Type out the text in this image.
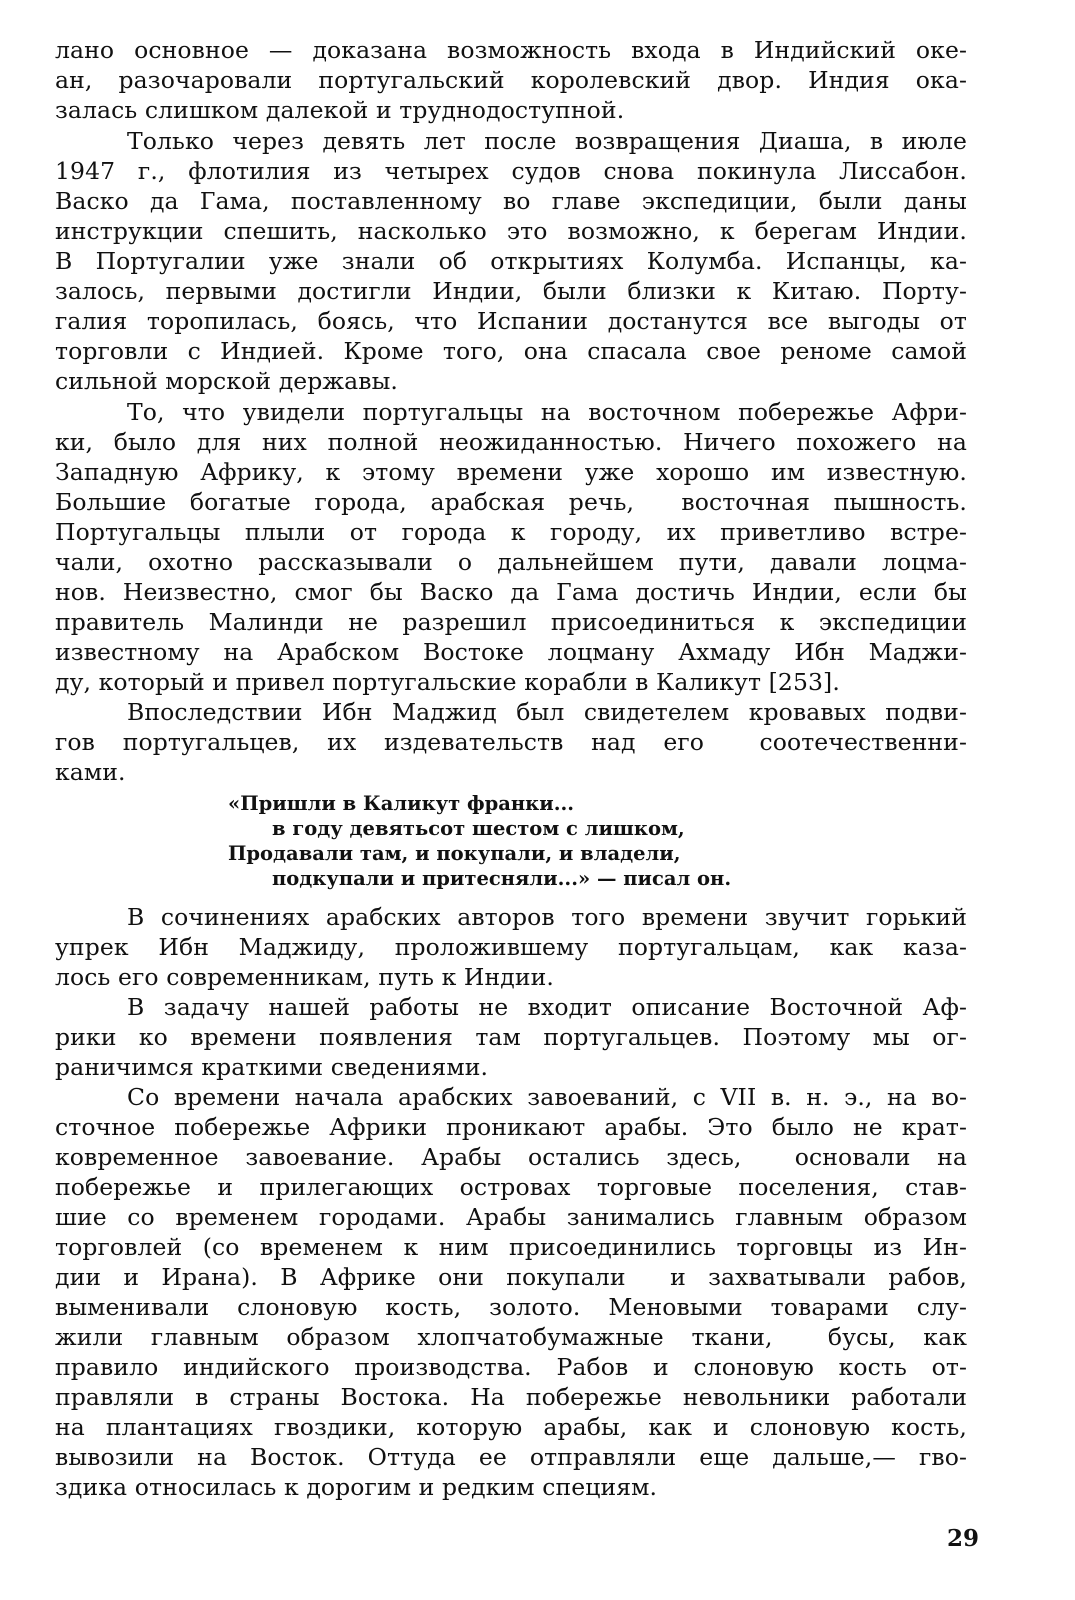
лано основное — доказана возможность входа в Индийский оке-
ан, разочаровали португальский королевский двор. Индия ока-
залась слишком далекой и труднодоступной.
Только через девять лет после возвращения Диаша, в июле
1947 г., флотилия из четырех судов снова покинула Лиссабон.
Васко да Гама, поставленному во главе экспедиции, были даны
инструкции спешить, насколько это возможно, к берегам Индии.
В Португалии уже знали об открытиях Колумба. Испанцы, ка-
залось, первыми достигли Индии, были близки к Китаю. Порту-
галия торопилась, боясь, что Испании достанутся все выгоды от
торговли с Индией. Кроме того, она спасала свое реноме самой
сильной морской державы.
То, что увидели португальцы на восточном побережье Афри-
ки, было для них полной неожиданностью. Ничего похожего на
Западную Африку, к этому времени уже хорошо им известную.
Большие богатые города, арабская речь,  восточная пышность.
Португальцы плыли от города к городу, их приветливо встре-
чали, охотно рассказывали о дальнейшем пути, давали лоцма-
нов. Неизвестно, смог бы Васко да Гама достичь Индии, если бы
правитель Малинди не разрешил присоединиться к экспедиции
известному на Арабском Востоке лоцману Ахмаду Ибн Маджи-
ду, который и привел португальские корабли в Каликут [253].
Впоследствии Ибн Маджид был свидетелем кровавых подви-
гов португальцев, их издевательств над его  соотечественни-
ками.
«Пришли в Каликут франки...
в году девятьсот шестом с лишком,
Продавали там, и покупали, и владели,
подкупали и притесняли...» — писал он.
В сочинениях арабских авторов того времени звучит горький
упрек Ибн Маджиду, проложившему португальцам, как каза-
лось его современникам, путь к Индии.
В задачу нашей работы не входит описание Восточной Аф-
рики ко времени появления там португальцев. Поэтому мы ог-
раничимся краткими сведениями.
Со времени начала арабских завоеваний, с VII в. н. э., на во-
сточное побережье Африки проникают арабы. Это было не крат-
ковременное завоевание. Арабы остались здесь,  основали на
побережье и прилегающих островах торговые поселения, став-
шие со временем городами. Арабы занимались главным образом
торговлей (со временем к ним присоединились торговцы из Ин-
дии и Ирана). В Африке они покупали  и захватывали рабов,
выменивали слоновую кость, золото. Меновыми товарами слу-
жили главным образом хлопчатобумажные ткани,  бусы, как
правило индийского производства. Рабов и слоновую кость от-
правляли в страны Востока. На побережье невольники работали
на плантациях гвоздики, которую арабы, как и слоновую кость,
вывозили на Восток. Оттуда ее отправляли еще дальше,— гво-
здика относилась к дорогим и редким специям.
29
